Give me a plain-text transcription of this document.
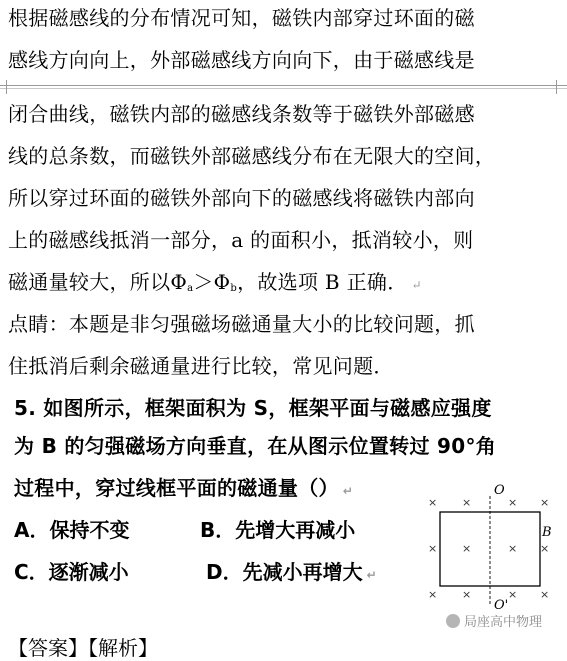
根据磁感线的分布情况可知，磁铁内部穿过环面的磁
感线方向向上，外部磁感线方向向下，由于磁感线是
闭合曲线，磁铁内部的磁感线条数等于磁铁外部磁感
线的总条数，而磁铁外部磁感线分布在无限大的空间，
所以穿过环面的磁铁外部向下的磁感线将磁铁内部向
上的磁感线抵消一部分，a 的面积小，抵消较小，则
磁通量较大，所以$\Phi_a>\Phi_b$，故选项 B 正确． ↵
点睛：本题是非匀强磁场磁通量大小的比较问题，抓
住抵消后剩余磁通量进行比较，常见问题．
5. 如图所示，框架面积为 S，框架平面与磁感应强度
为 B 的匀强磁场方向垂直，在从图示位置转过 90°角
过程中，穿过线框平面的磁通量（） ↵
A．保持不变	B．先增大再减小
C．逐渐减小	D．先减小再增大 ↵
O
O'
B
×
×
×
×
×
×
×
×
×
×
×
×
局座高中物理
【答案】【解析】
